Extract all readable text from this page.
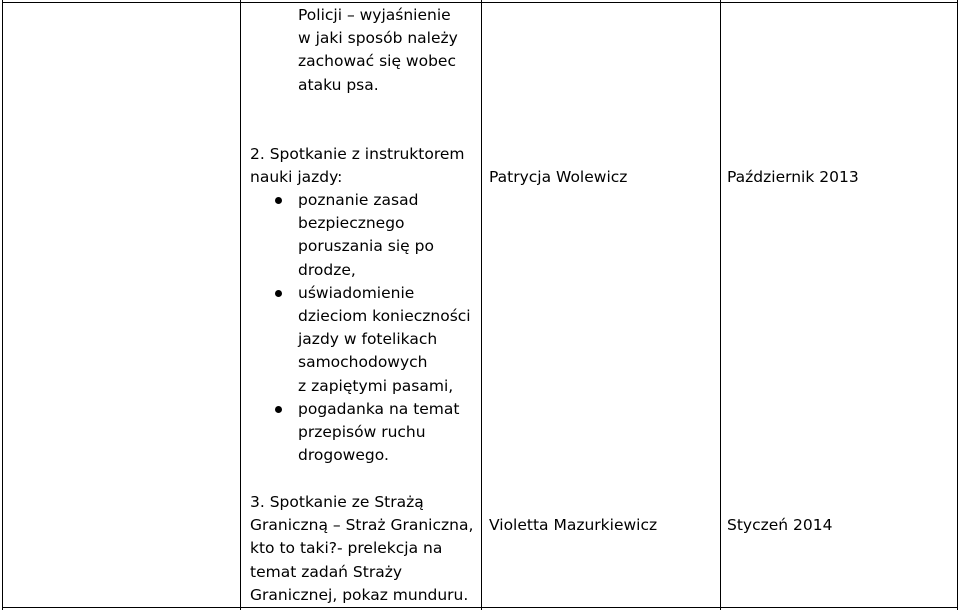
Policji – wyjaśnienie
w jaki sposób należy
zachować się wobec
ataku psa.
2. Spotkanie z instruktorem
nauki jazdy:
poznanie zasad
bezpiecznego
poruszania się po
drodze,
uświadomienie
dzieciom konieczności
jazdy w fotelikach
samochodowych
z zapiętymi pasami,
pogadanka na temat
przepisów ruchu
drogowego.
Patrycja Wolewicz	Październik 2013
3. Spotkanie ze Strażą
Graniczną – Straż Graniczna,
kto to taki?- prelekcja na
temat zadań Straży
Granicznej, pokaz munduru.
Violetta Mazurkiewicz	Styczeń 2014
